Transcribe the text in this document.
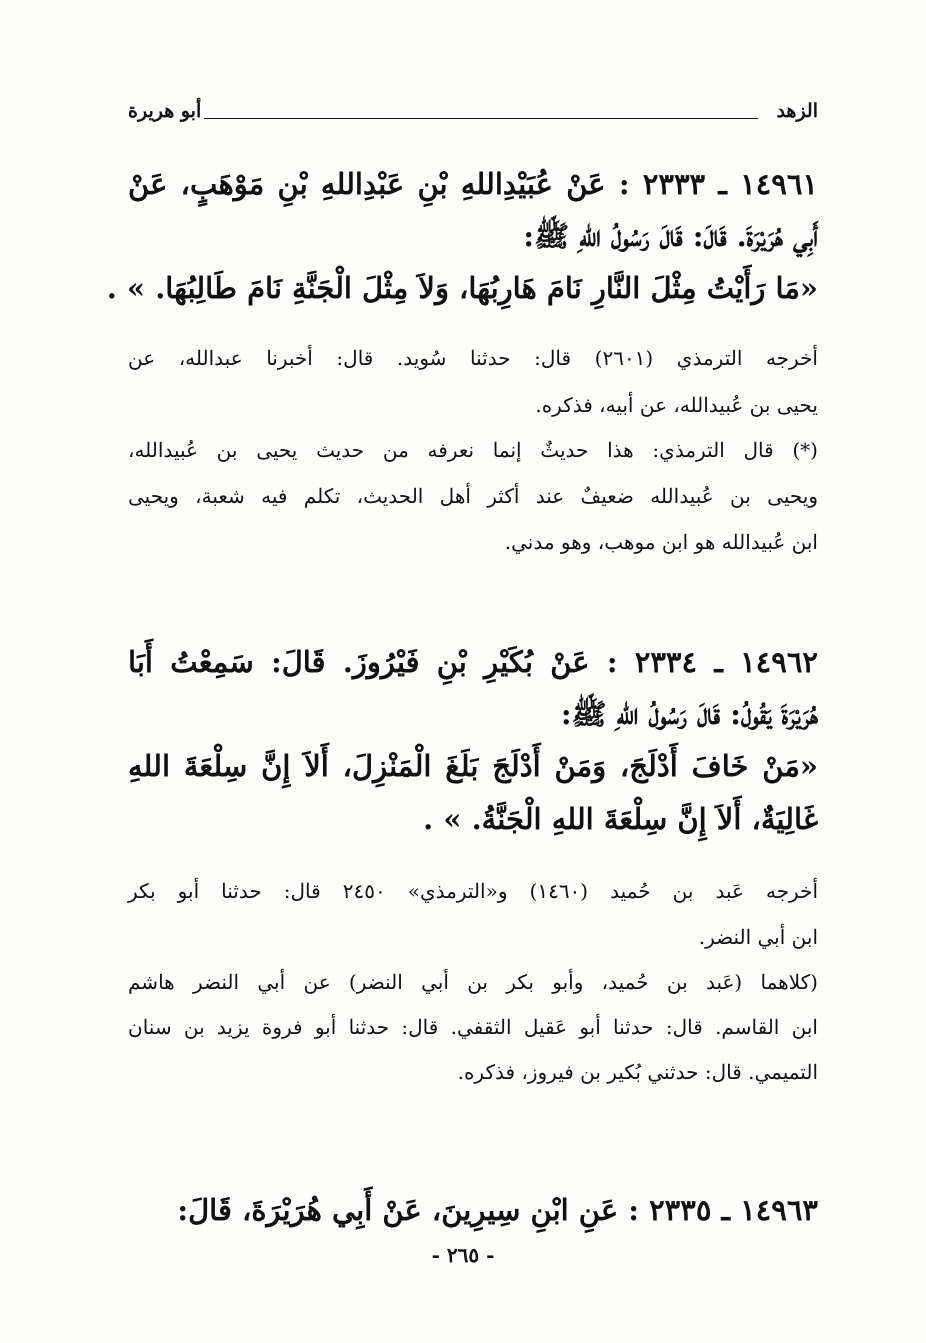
الزهد
أبو هريرة
١٤٩٦١ ـ ٢٣٣٣ : عَنْ عُبَيْدِاللهِ بْنِ عَبْدِاللهِ بْنِ مَوْهَبٍ، عَنْ
أَبِي هُرَيْرَةَ. قَالَ: قَالَ رَسُولُ اللهِ ﷺ:
«مَا رَأَيْتُ مِثْلَ النَّارِ نَامَ هَارِبُهَا، وَلاَ مِثْلَ الْجَنَّةِ نَامَ طَالِبُهَا. » .
أخرجه الترمذي (٢٦٠١) قال: حدثنا سُويد. قال: أخبرنا عبدالله، عن
يحيى بن عُبيدالله، عن أبيه، فذكره.
(*) قال الترمذي: هذا حديثٌ إنما نعرفه من حديث يحيى بن عُبيدالله،
ويحيى بن عُبيدالله ضعيفٌ عند أكثر أهل الحديث، تكلم فيه شعبة، ويحيى
ابن عُبيدالله هو ابن موهب، وهو مدني.
١٤٩٦٢ ـ ٢٣٣٤ : عَنْ بُكَيْرِ بْنِ فَيْرُوزَ. قَالَ: سَمِعْتُ أَبَا
هُرَيْرَةَ يَقُولُ: قَالَ رَسُولُ اللهِ ﷺ:
«مَنْ خَافَ أَدْلَجَ، وَمَنْ أَدْلَجَ بَلَغَ الْمَنْزِلَ، أَلاَ إِنَّ سِلْعَةَ اللهِ
غَالِيَةٌ، أَلاَ إِنَّ سِلْعَةَ اللهِ الْجَنَّةُ. » .
أخرجه عَبد بن حُميد (١٤٦٠) و«الترمذي» ٢٤٥٠ قال: حدثنا أبو بكر
ابن أبي النضر.
(كلاهما (عَبد بن حُميد، وأبو بكر بن أبي النضر) عن أبي النضر هاشم
ابن القاسم. قال: حدثنا أبو عَقيل الثقفي. قال: حدثنا أبو فروة يزيد بن سنان
التميمي. قال: حدثني بُكير بن فيروز، فذكره.
١٤٩٦٣ ـ ٢٣٣٥ : عَنِ ابْنِ سِيرِينَ، عَنْ أَبِي هُرَيْرَةَ، قَالَ:
- ٢٦٥ -
